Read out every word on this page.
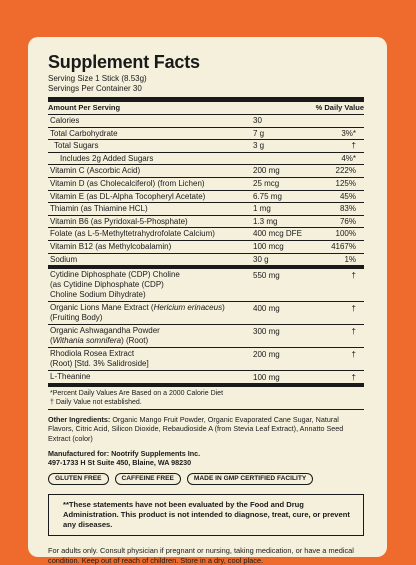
Supplement Facts
Serving Size 1 Stick (8.53g)
Servings Per Container 30
Amount Per Serving	% Daily Value
Calories	30
Total Carbohydrate	7 g	3%*
Total Sugars	3 g	†
Includes 2g Added Sugars	4%*
Vitamin C (Ascorbic Acid)	200 mg	222%
Vitamin D (as Cholecalciferol) (from Lichen)	25 mcg	125%
Vitamin E (as DL-Alpha Tocopheryl Acetate)	6.75 mg	45%
Thiamin (as Thiamine HCL)	1 mg	83%
Vitamin B6 (as Pyridoxal-5-Phosphate)	1.3 mg	76%
Folate (as L-5-Methyltetrahydrofolate Calcium)	400 mcg DFE	100%
Vitamin B12 (as Methylcobalamin)	100 mcg	4167%
Sodium	30 g	1%
Cytidine Diphosphate (CDP) Choline
(as Cytidine Diphosphate (CDP)
Choline Sodium Dihydrate)
550 mg	†
Organic Lions Mane Extract (Hericium erinaceus)
(Fruiting Body)
400 mg	†
Organic Ashwagandha Powder
(Withania somnifera) (Root)
300 mg	†
Rhodiola Rosea Extract
(Root) [Std. 3% Salidroside]
200 mg	†
L-Theanine	100 mg	†
*Percent Daily Values Are Based on a 2000 Calorie Diet
† Daily Value not established.
Other Ingredients: Organic Mango Fruit Powder, Organic Evaporated Cane Sugar, Natural Flavors, Citric Acid, Silicon Dioxide, Rebaudioside A (from Stevia Leaf Extract), Annatto Seed Extract (color)
Manufactured for: Nootrify Supplements Inc.
497-1733 H St Suite 450, Blaine, WA 98230
GLUTEN FREE	CAFFEINE FREE	MADE IN GMP CERTIFIED FACILITY
**These statements have not been evaluated by the Food and Drug Administration. This product is not intended to diagnose, treat, cure, or prevent any diseases.
For adults only. Consult physician if pregnant or nursing, taking medication, or have a medical condition. Keep out of reach of children. Store in a dry, cool place.
